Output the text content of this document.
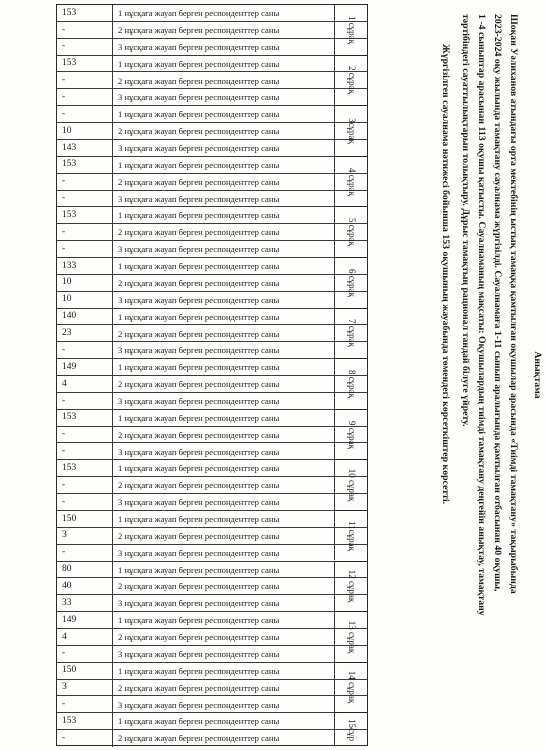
153	1 нұсқаға жауап берген респонденттер саны
-	2 нұсқаға жауап берген респонденттер саны
-	3 нұсқаға жауап берген респонденттер саны
1 сұрақ
153	1 нұсқаға жауап берген респонденттер саны
-	2 нұсқаға жауап берген респонденттер саны
-	3 нұсқаға жауап берген респонденттер саны
2 сұрақ
-	1 нұсқаға жауап берген респонденттер саны
10	2 нұсқаға жауап берген респонденттер саны
143	3 нұсқаға жауап берген респонденттер саны
3сұрақ
153	1 нұсқаға жауап берген респонденттер саны
-	2 нұсқаға жауап берген респонденттер саны
-	3 нұсқаға жауап берген респонденттер саны
4 сұрақ
153	1 нұсқаға жауап берген респонденттер саны
-	2 нұсқаға жауап берген респонденттер саны
-	3 нұсқаға жауап берген респонденттер саны
5 сұрақ
133	1 нұсқаға жауап берген респонденттер саны
10	2 нұсқаға жауап берген респонденттер саны
10	3 нұсқаға жауап берген респонденттер саны
6 сұрақ
140	1 нұсқаға жауап берген респонденттер саны
23	2 нұсқаға жауап берген респонденттер саны
-	3 нұсқаға жауап берген респонденттер саны
7 сұрақ
149	1 нұсқаға жауап берген респонденттер саны
4	2 нұсқаға жауап берген респонденттер саны
-	3 нұсқаға жауап берген респонденттер саны
8 сұрақ
153	1 нұсқаға жауап берген респонденттер саны
-	2 нұсқаға жауап берген респонденттер саны
-	3 нұсқаға жауап берген респонденттер саны
9 сұрақ
153	1 нұсқаға жауап берген респонденттер саны
-	2 нұсқаға жауап берген респонденттер саны
-	3 нұсқаға жауап берген респонденттер саны
10 сұрақ
150	1 нұсқаға жауап берген респонденттер саны
3	2 нұсқаға жауап берген респонденттер саны
-	3 нұсқаға жауап берген респонденттер саны
11сұрақ
80	1 нұсқаға жауап берген респонденттер саны
40	2 нұсқаға жауап берген респонденттер саны
33	3 нұсқаға жауап берген респонденттер саны
12 сұрақ
149	1 нұсқаға жауап берген респонденттер саны
4	2 нұсқаға жауап берген респонденттер саны
-	3 нұсқаға жауап берген респонденттер саны
13 сұрақ
150	1 нұсқаға жауап берген респонденттер саны
3	2 нұсқаға жауап берген респонденттер саны
-	3 нұсқаға жауап берген респонденттер саны
14 сұрақ
153	1 нұсқаға жауап берген респонденттер саны
-	2 нұсқаға жауап берген респонденттер саны	15сұр
Анықтама
Шоқан Уәлиханов атындағы орта мектебінің ыстық тамаққа қамтылған оқушылар арасында «Тиімді тамақтану» тақырыбында
2023-2024 оқу жылында тамақтану сауалнама жүргізілді. Сауалнамаға 1-11 сынып аралығында қамтылған отбасынан 40 оқушы,
1 -4 сыныптар арасынан 113 оқушы қатысты. Сауалнаманың мақсаты: Оқушылардың тиімді тамақтану деңгейін анықтау, тамақтану
тәртібіндегі сауаттылықтарын толықтыру. Дұрыс тамақтың рационал тандай білуге үйрету.
Жүргізілген сауалнама нәтижесі бойынша 153 оқушының жауабында төмендегі көрсеткіштер көрсетті.
